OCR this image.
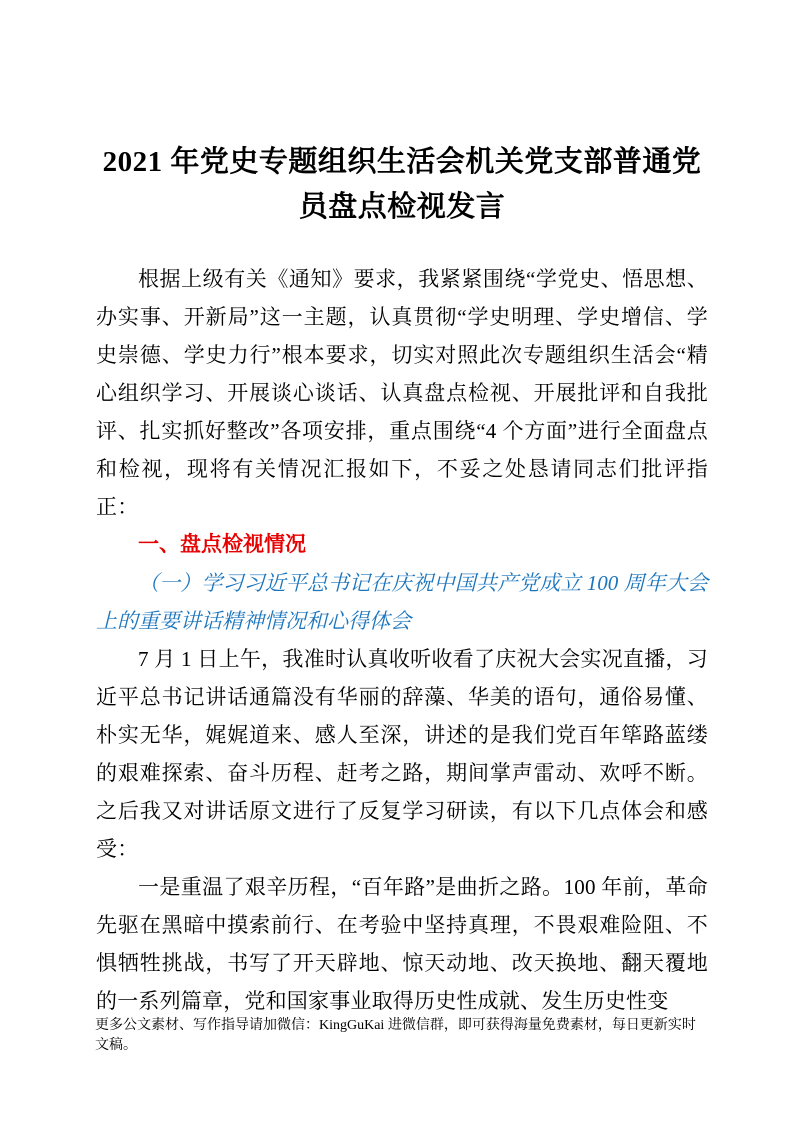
2021 年党史专题组织生活会机关党支部普通党员盘点检视发言

根据上级有关《通知》要求，我紧紧围绕“学党史、悟思想、办实事、开新局”这一主题，认真贯彻“学史明理、学史增信、学史崇德、学史力行”根本要求，切实对照此次专题组织生活会“精心组织学习、开展谈心谈话、认真盘点检视、开展批评和自我批评、扎实抓好整改”各项安排，重点围绕“4 个方面”进行全面盘点和检视，现将有关情况汇报如下，不妥之处恳请同志们批评指正：

一、盘点检视情况

（一）学习习近平总书记在庆祝中国共产党成立 100 周年大会上的重要讲话精神情况和心得体会

7 月 1 日上午，我准时认真收听收看了庆祝大会实况直播，习近平总书记讲话通篇没有华丽的辞藻、华美的语句，通俗易懂、朴实无华，娓娓道来、感人至深，讲述的是我们党百年筚路蓝缕的艰难探索、奋斗历程、赶考之路，期间掌声雷动、欢呼不断。之后我又对讲话原文进行了反复学习研读，有以下几点体会和感受：

一是重温了艰辛历程，“百年路”是曲折之路。100 年前，革命先驱在黑暗中摸索前行、在考验中坚持真理，不畏艰难险阻、不惧牺牲挑战，书写了开天辟地、惊天动地、改天换地、翻天覆地的一系列篇章，党和国家事业取得历史性成就、发生历史性变

更多公文素材、写作指导请加微信：KingGuKai 进微信群，即可获得海量免费素材，每日更新实时文稿。
